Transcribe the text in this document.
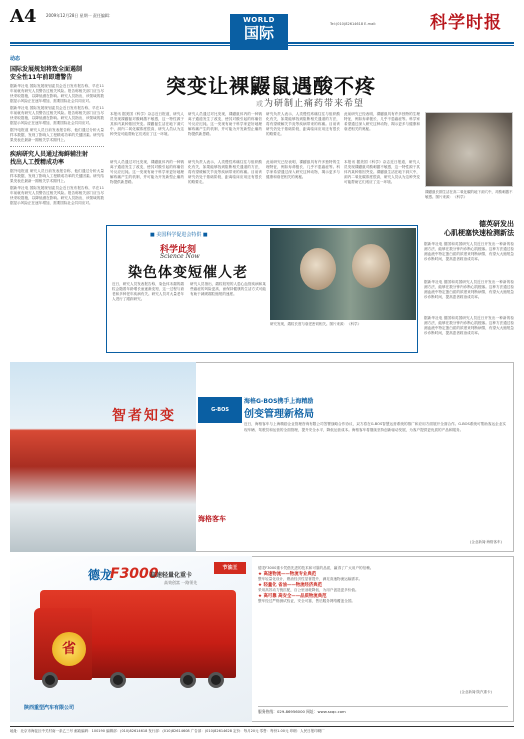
A4 2009年12月28日 星期一 责任编辑：
WORLD
国际	Tel:(010)82614618 E-mail:	科学时报
动态
国际发展规划将致全面遏制
安全性11年前即遭警告
据新华社电 国际发展规划委员会近日发布报告称，早在11年前就有研究人员警告过相关风险。报告称相关部门应当尽快采取措施，以降低潜在影响。研究人员指出，该领域的数据显示风险正在逐年增加，需要国际社会共同应对。
据新华社电 国际发展规划委员会近日发布报告称，早在11年前就有研究人员警告过相关风险。报告称相关部门应当尽快采取措施，以降低潜在影响。研究人员指出，该领域的数据显示风险正在逐年增加，需要国际社会共同应对。
据外电报道 研究人员日前发表报告称，他们通过分析大量样本数据，发现了影响人工授精成功率的关键因素。研究结果发表在最新一期相关学术期刊上。
疾病研究人员通过海鲜辅注射
找出人工授精成功率
据外电报道 研究人员日前发表报告称，他们通过分析大量样本数据，发现了影响人工授精成功率的关键因素。研究结果发表在最新一期相关学术期刊上。
据新华社电 国际发展规划委员会近日发布报告称，早在11年前就有研究人员警告过相关风险。报告称相关部门应当尽快采取措施，以降低潜在影响。研究人员指出，该领域的数据显示风险正在逐年增加，需要国际社会共同应对。
突变让裸鼹鼠遇酸不疼
或为研制止痛药带来希望
本报讯 据美国《科学》杂志近日报道，研究人员发现裸鼹鼠对酸刺激不敏感，这一特性源于其体内某种基因突变。裸鼹鼠生活在地下洞穴中，洞内二氧化碳浓度很高，研究人员认为这种突变可能帮助它们适应了这一环境。
研究人员通过对比发现，裸鼹鼠体内的一种钠离子通道发生了改变，使其对酸引起的疼痛信号反应迟钝。这一发现有助于科学家更好地理解疼痛产生的机制，并可能为开发新型止痛药物提供新思路。
研究负责人表示，人类慢性疼痛往往与组织酸化有关，如果能够找到阻断相关通道的方法，将有望缓解关节炎等疾病带来的疼痛。目前该研究仍处于基础阶段，距离临床应用还有很长的路要走。
此前研究已经表明，裸鼹鼠具有许多独特的生理特征，例如寿命极长、几乎不患癌症等。科学家希望通过深入研究这种动物，揭示更多与健康和衰老相关的奥秘。
研究人员通过对比发现，裸鼹鼠体内的一种钠离子通道发生了改变，使其对酸引起的疼痛信号反应迟钝。这一发现有助于科学家更好地理解疼痛产生的机制，并可能为开发新型止痛药物提供新思路。
研究负责人表示，人类慢性疼痛往往与组织酸化有关，如果能够找到阻断相关通道的方法，将有望缓解关节炎等疾病带来的疼痛。目前该研究仍处于基础阶段，距离临床应用还有很长的路要走。
此前研究已经表明，裸鼹鼠具有许多独特的生理特征，例如寿命极长、几乎不患癌症等。科学家希望通过深入研究这种动物，揭示更多与健康和衰老相关的奥秘。
本报讯 据美国《科学》杂志近日报道，研究人员发现裸鼹鼠对酸刺激不敏感，这一特性源于其体内某种基因突变。裸鼹鼠生活在地下洞穴中，洞内二氧化碳浓度很高，研究人员认为这种突变可能帮助它们适应了这一环境。
裸鼹鼠长期生活在高二氧化碳的地下洞穴中，对酸刺激不敏感。图片来源：《科学》
■ 美国科学促进会特供 ■
科学此刻
Science Now
染色体变短催人老
近日，研究人员发表报告称，染色体末端的端粒会随着年龄增长而逐渐变短，这一过程与衰老和多种老年疾病有关。研究人员对大量老年人进行了跟踪研究。
研究人员指出，端粒较短的人患心血管疾病和某些癌症的风险更高，而保持健康的生活方式可能有助于减缓端粒缩短的速度。
研究发现，端粒长度与衰老密切相关。图片来源：《科学》
德英研发出
心肌梗塞快速检测新法
据新华社电 德国和英国研究人员近日开发出一种新的检测方法，能够在数分钟内诊断心肌梗塞。这种方法通过检测血液中特定蛋白质的浓度来判断病情，有望大大缩短急诊诊断时间，提高患者救治成功率。
据新华社电 德国和英国研究人员近日开发出一种新的检测方法，能够在数分钟内诊断心肌梗塞。这种方法通过检测血液中特定蛋白质的浓度来判断病情，有望大大缩短急诊诊断时间，提高患者救治成功率。
据新华社电 德国和英国研究人员近日开发出一种新的检测方法，能够在数分钟内诊断心肌梗塞。这种方法通过检测血液中特定蛋白质的浓度来判断病情，有望大大缩短急诊诊断时间，提高患者救治成功率。
智者知变	G-BOS
海格G-BOS携手上海精励
创变管理新格局
近日，海格客车与上海精励企业管理咨询有限公司签署战略合作协议，双方将在G-BOS智慧运营系统的推广和应用方面展开全面合作。G-BOS系统可帮助客运企业实现车辆、驾驶员和运营的全面管理，提升安全水平，降低运营成本。海格客车将继续坚持创新驱动发展，为客户提供更优质的产品和服务。
海格客车
(企业新闻·海格客车)
省
德龙
F3000
高速轻量化重卡
高效创富 一路领先
节油王
陕西重型汽车有限公司
德龙F3000重卡凭借先进的技术和可靠的品质，赢得了广大用户的信赖。
★ 高速物流——物流专业典范
整车轻量化设计，燃油经济性显著提升，满足高速物流运输需求。
★ 轻量化 省油——物流经济典范
采用高效动力链匹配，百公里油耗降低，为用户创造更多价值。
★ 高可靠 高安全——品质物流典范
整车经过严格测试验证，安全可靠，售后服务网络覆盖全国。
(企业新闻·陕汽重卡)
服务热线：029-86956000 网址：www.sxqc.com
地址：北京市海淀区中关村南一条乙三号 邮政编码：100190 编辑部：(010)82614618 发行部：(010)82614608 广告部：(010)82614628 定价：每月20元 零售：每份1.00元 印刷：人民日报印刷厂
